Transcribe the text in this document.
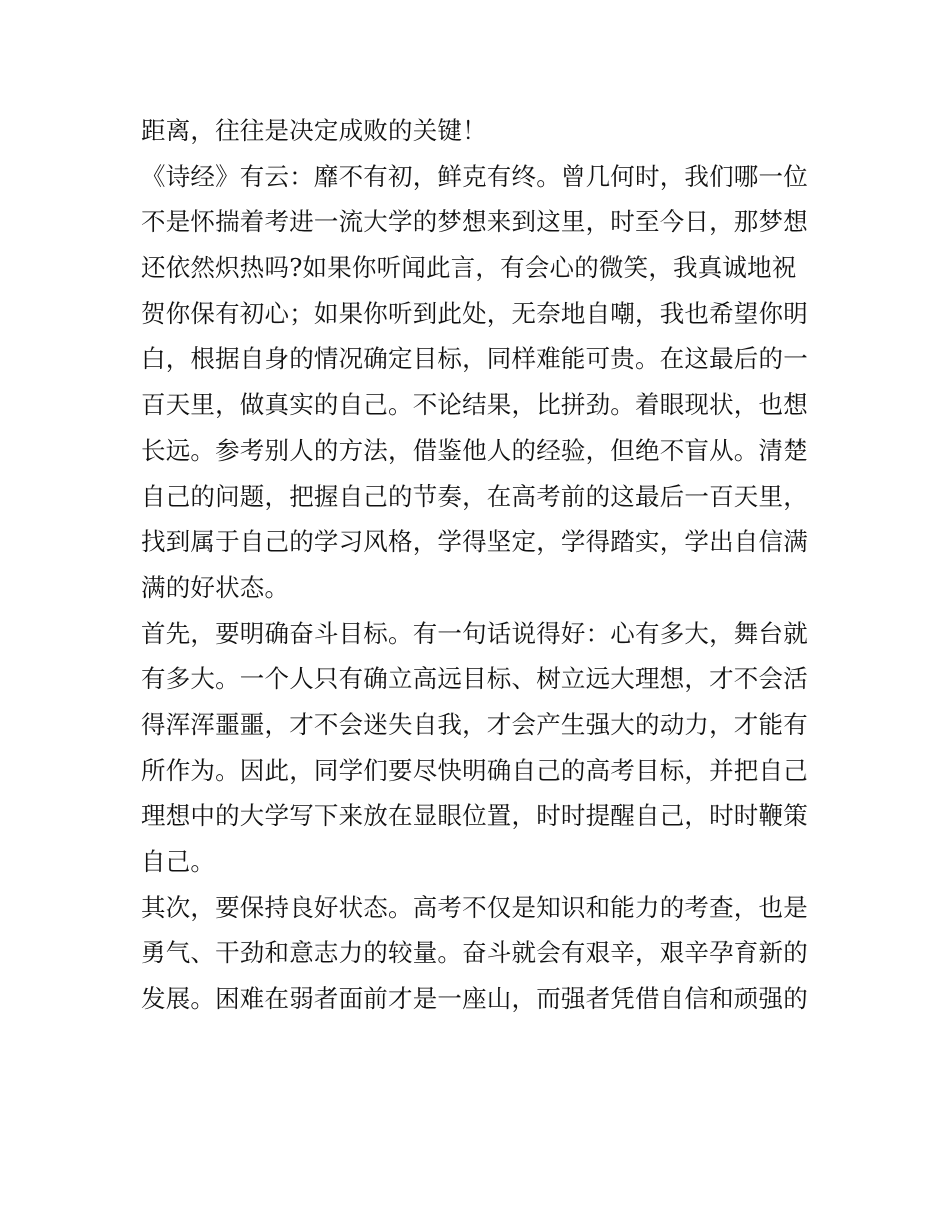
距离，往往是决定成败的关键！
《诗经》有云：靡不有初，鲜克有终。曾几何时，我们哪一位
不是怀揣着考进一流大学的梦想来到这里，时至今日，那梦想
还依然炽热吗?如果你听闻此言，有会心的微笑，我真诚地祝
贺你保有初心；如果你听到此处，无奈地自嘲，我也希望你明
白，根据自身的情况确定目标，同样难能可贵。在这最后的一
百天里，做真实的自己。不论结果，比拼劲。着眼现状，也想
长远。参考别人的方法，借鉴他人的经验，但绝不盲从。清楚
自己的问题，把握自己的节奏，在高考前的这最后一百天里，
找到属于自己的学习风格，学得坚定，学得踏实，学出自信满
满的好状态。
首先，要明确奋斗目标。有一句话说得好：心有多大，舞台就
有多大。一个人只有确立高远目标、树立远大理想，才不会活
得浑浑噩噩，才不会迷失自我，才会产生强大的动力，才能有
所作为。因此，同学们要尽快明确自己的高考目标，并把自己
理想中的大学写下来放在显眼位置，时时提醒自己，时时鞭策
自己。
其次，要保持良好状态。高考不仅是知识和能力的考查，也是
勇气、干劲和意志力的较量。奋斗就会有艰辛，艰辛孕育新的
发展。困难在弱者面前才是一座山，而强者凭借自信和顽强的
